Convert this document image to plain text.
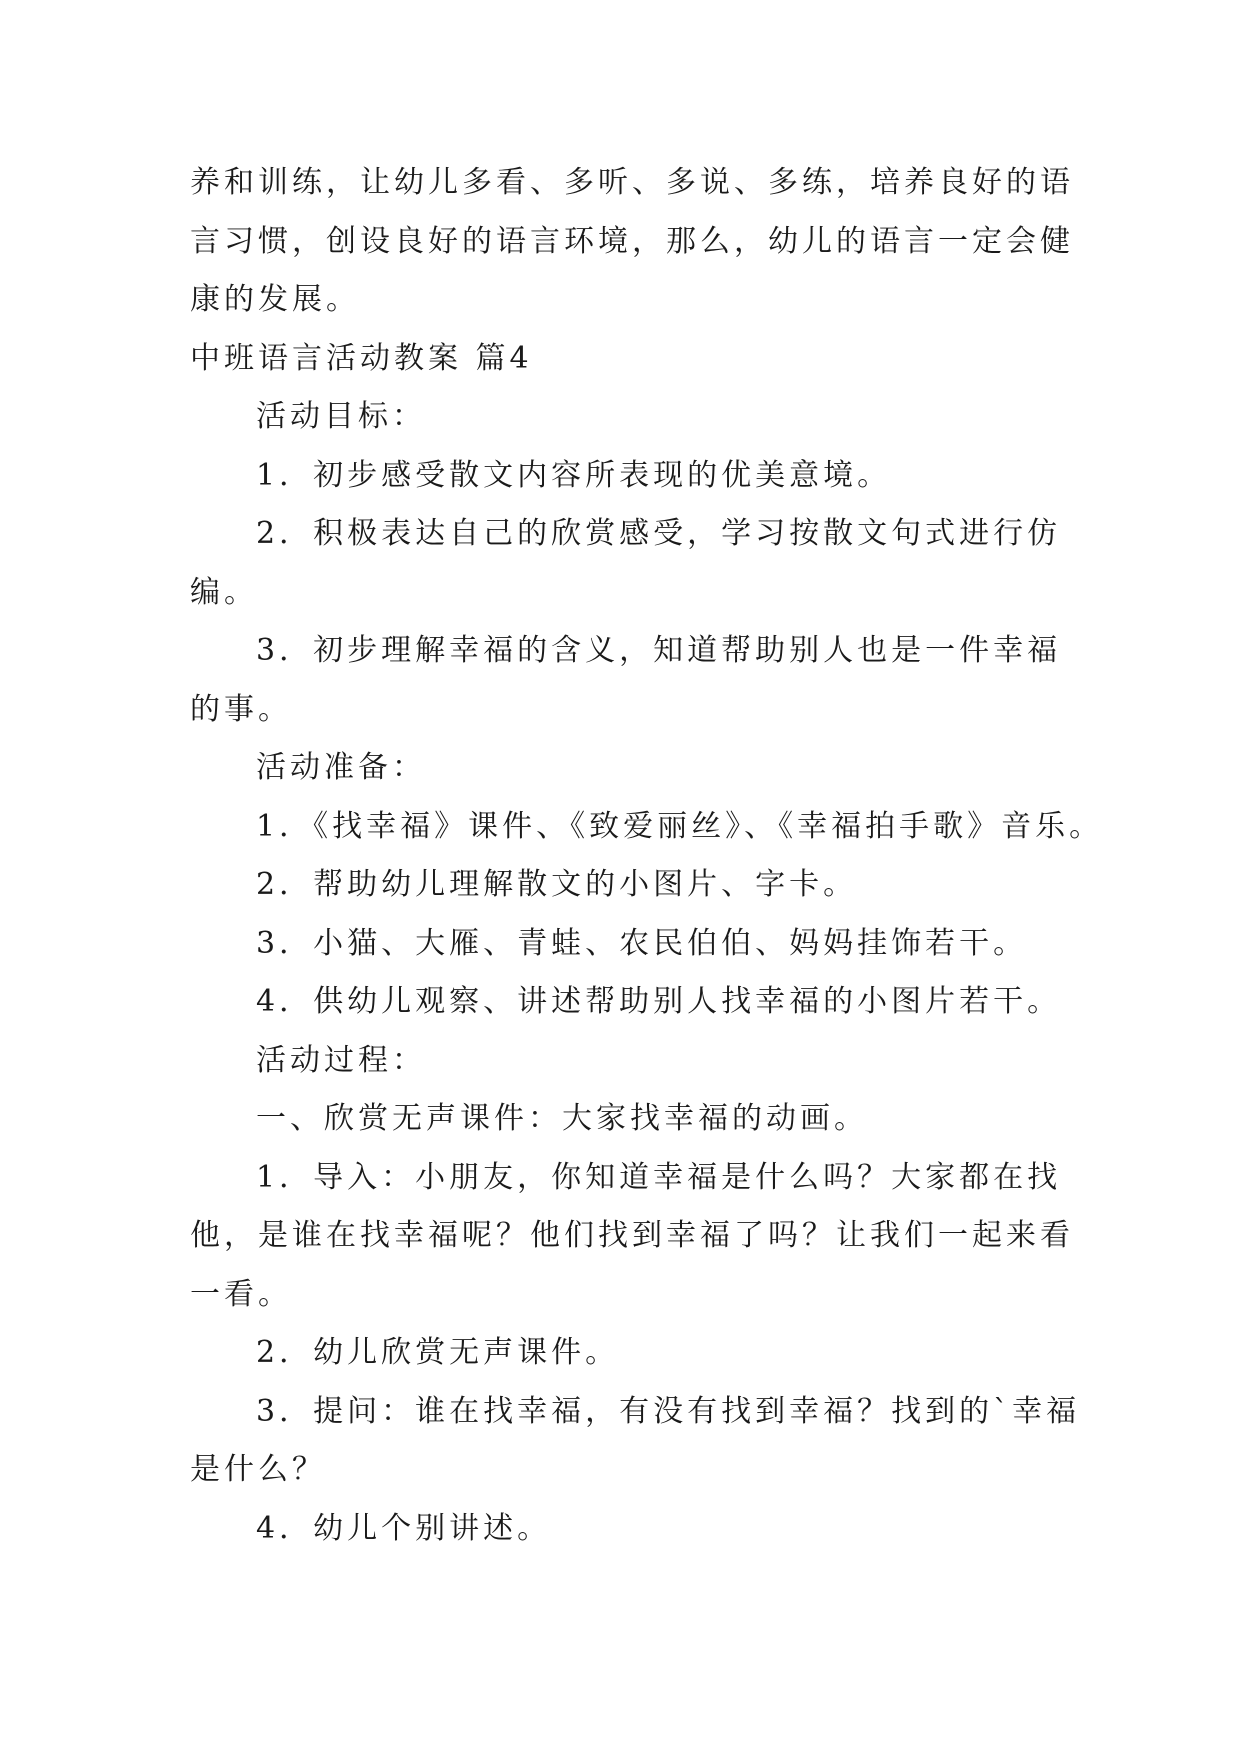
养和训练，让幼儿多看、多听、多说、多练，培养良好的语
言习惯，创设良好的语言环境，那么，幼儿的语言一定会健
康的发展。
中班语言活动教案 篇4
活动目标：
1．初步感受散文内容所表现的优美意境。
2．积极表达自己的欣赏感受，学习按散文句式进行仿
编。
3．初步理解幸福的含义，知道帮助别人也是一件幸福
的事。
活动准备：
1．《找幸福》课件、《致爱丽丝》、《幸福拍手歌》音乐。
2．帮助幼儿理解散文的小图片、字卡。
3．小猫、大雁、青蛙、农民伯伯、妈妈挂饰若干。
4．供幼儿观察、讲述帮助别人找幸福的小图片若干。
活动过程：
一、欣赏无声课件：大家找幸福的动画。
1．导入：小朋友，你知道幸福是什么吗？大家都在找
他，是谁在找幸福呢？他们找到幸福了吗？让我们一起来看
一看。
2．幼儿欣赏无声课件。
3．提问：谁在找幸福，有没有找到幸福？找到的`幸福
是什么？
4．幼儿个别讲述。
